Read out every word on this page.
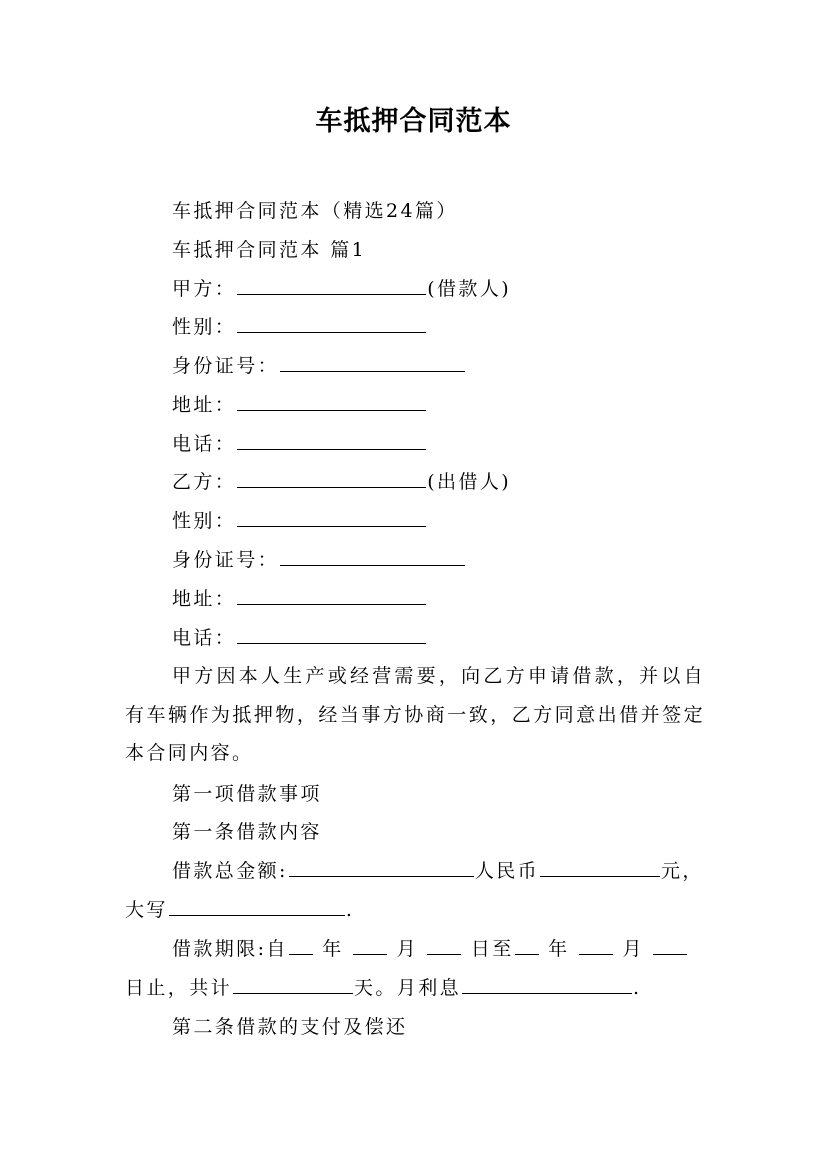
车抵押合同范本
车抵押合同范本（精选24篇）
车抵押合同范本 篇1
甲方：	(借款人)
性别：
身份证号：
地址：
电话：
乙方：	(出借人)
性别：
身份证号：
地址：
电话：
甲方因本人生产或经营需要，向乙方申请借款，并以自有车辆作为抵押物，经当事方协商一致，乙方同意出借并签定本合同内容。
第一项借款事项
第一条借款内容
借款总金额:	人民币	元，
大写	.
借款期限:自 年	月	日至 年	月
日止，共计	天。月利息	.
第二条借款的支付及偿还
